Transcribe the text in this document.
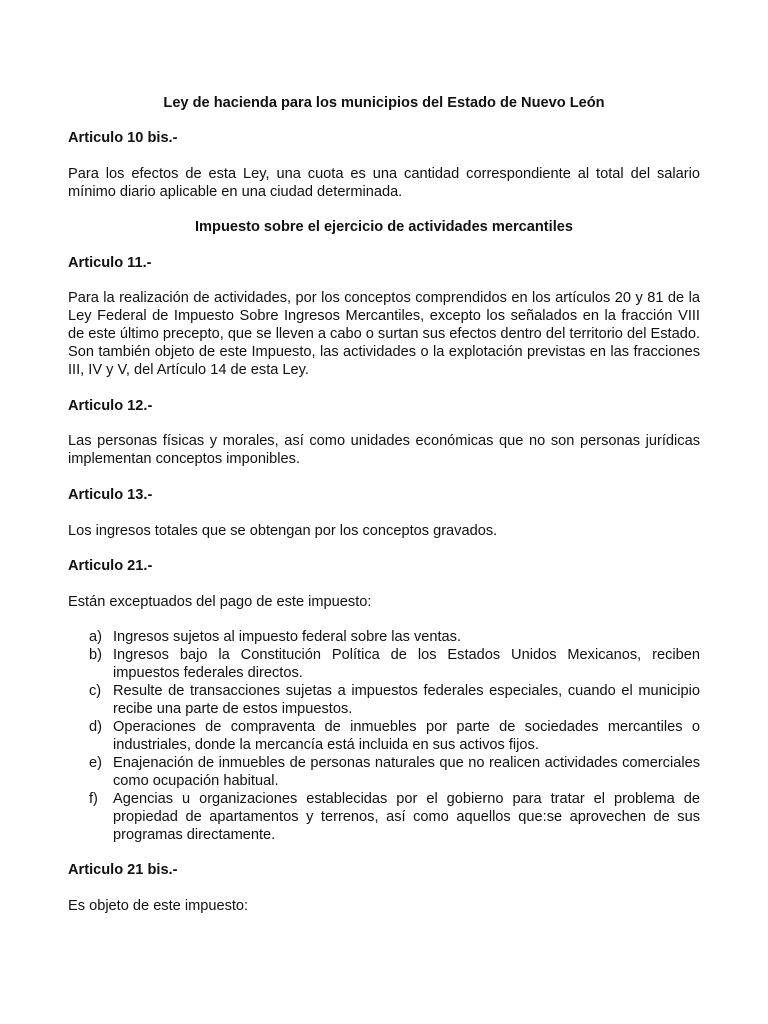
Ley de hacienda para los municipios del Estado de Nuevo León

Articulo 10 bis.-

Para los efectos de esta Ley, una cuota es una cantidad correspondiente al total del salario mínimo diario aplicable en una ciudad determinada.

Impuesto sobre el ejercicio de actividades mercantiles

Articulo 11.-

Para la realización de actividades, por los conceptos comprendidos en los artículos 20 y 81 de la Ley Federal de Impuesto Sobre Ingresos Mercantiles, excepto los señalados en la fracción VIII de este último precepto, que se lleven a cabo o surtan sus efectos dentro del territorio del Estado. Son también objeto de este Impuesto, las actividades o la explotación previstas en las fracciones III, IV y V, del Artículo 14 de esta Ley.

Articulo 12.-

Las personas físicas y morales, así como unidades económicas que no son personas jurídicas implementan conceptos imponibles.

Articulo 13.-

Los ingresos totales que se obtengan por los conceptos gravados.

Articulo 21.-

Están exceptuados del pago de este impuesto:

a) Ingresos sujetos al impuesto federal sobre las ventas.
b) Ingresos bajo la Constitución Política de los Estados Unidos Mexicanos, reciben impuestos federales directos.
c) Resulte de transacciones sujetas a impuestos federales especiales, cuando el municipio recibe una parte de estos impuestos.
d) Operaciones de compraventa de inmuebles por parte de sociedades mercantiles o industriales, donde la mercancía está incluida en sus activos fijos.
e) Enajenación de inmuebles de personas naturales que no realicen actividades comerciales como ocupación habitual.
f) Agencias u organizaciones establecidas por el gobierno para tratar el problema de propiedad de apartamentos y terrenos, así como aquellos que:se aprovechen de sus programas directamente.

Articulo 21 bis.-

Es objeto de este impuesto:
